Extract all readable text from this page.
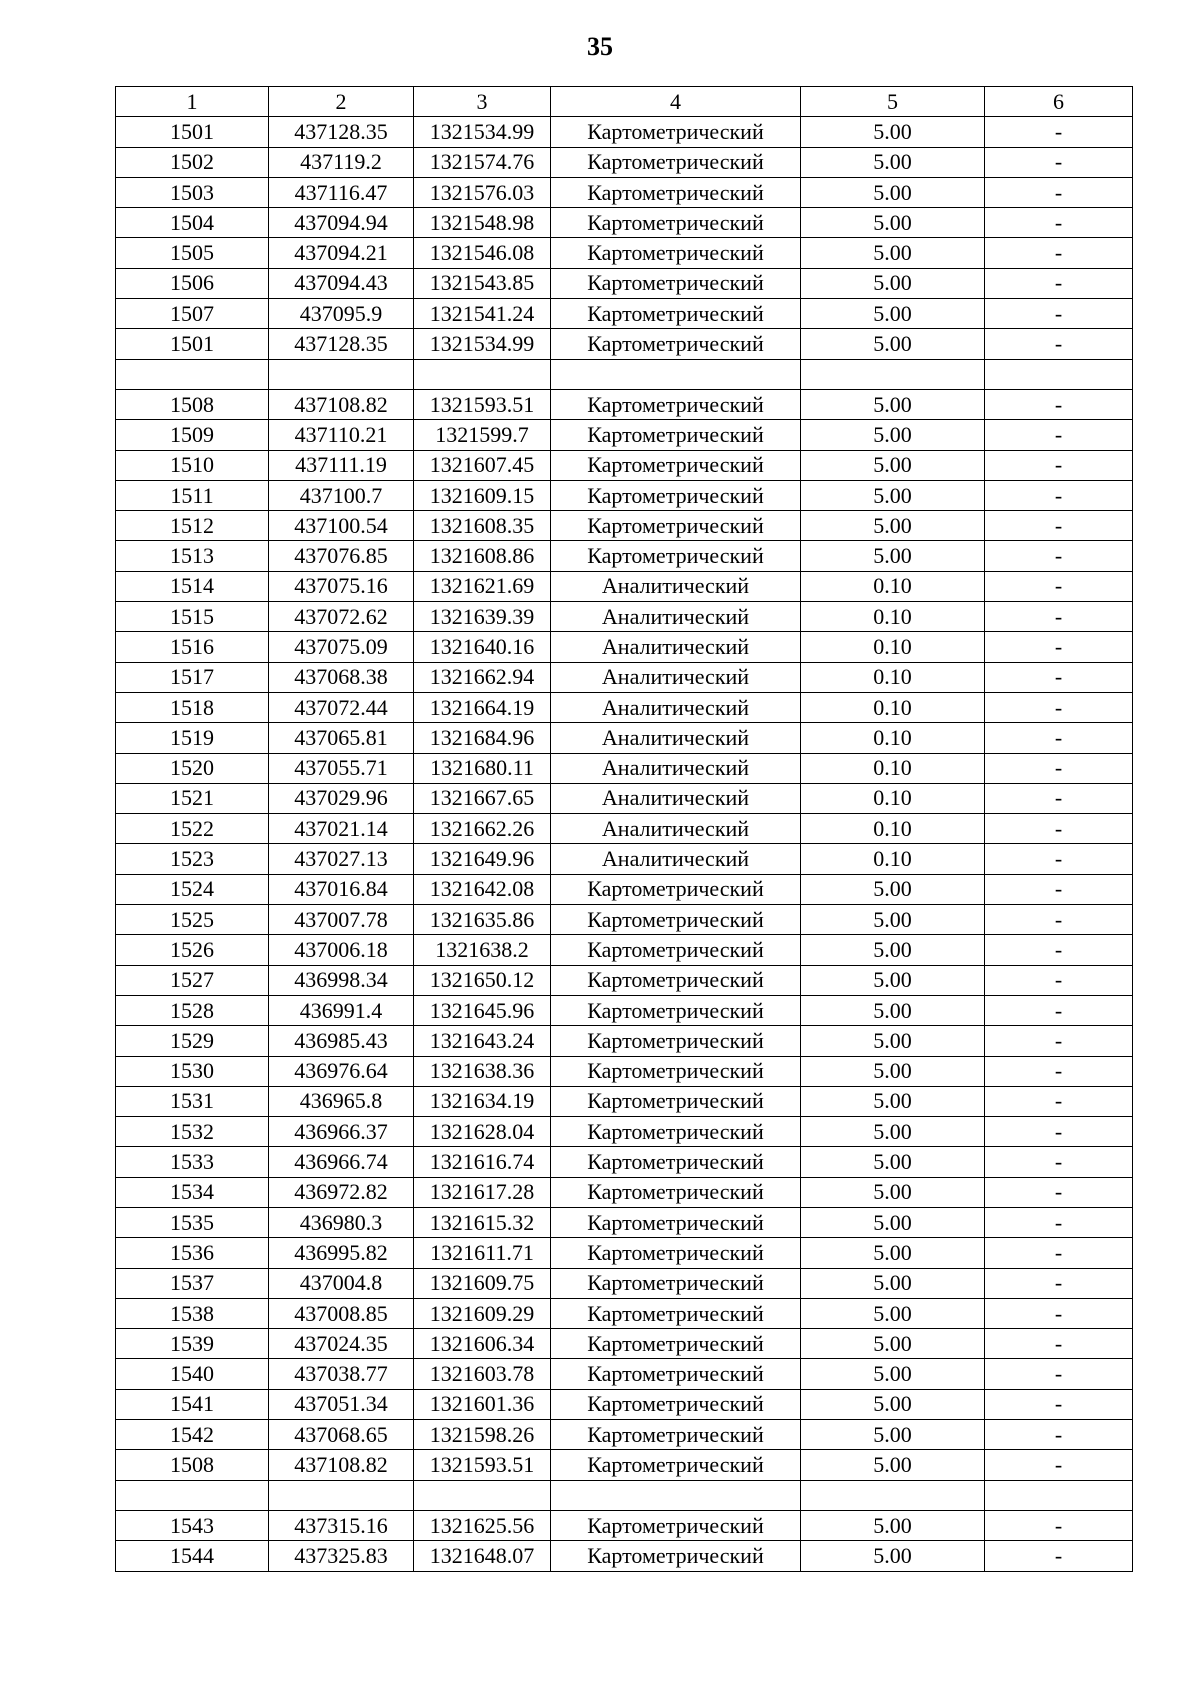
35
1	2	3	4	5	6
1501	437128.35	1321534.99	Картометрический	5.00	-
1502	437119.2	1321574.76	Картометрический	5.00	-
1503	437116.47	1321576.03	Картометрический	5.00	-
1504	437094.94	1321548.98	Картометрический	5.00	-
1505	437094.21	1321546.08	Картометрический	5.00	-
1506	437094.43	1321543.85	Картометрический	5.00	-
1507	437095.9	1321541.24	Картометрический	5.00	-
1501	437128.35	1321534.99	Картометрический	5.00	-

1508	437108.82	1321593.51	Картометрический	5.00	-
1509	437110.21	1321599.7	Картометрический	5.00	-
1510	437111.19	1321607.45	Картометрический	5.00	-
1511	437100.7	1321609.15	Картометрический	5.00	-
1512	437100.54	1321608.35	Картометрический	5.00	-
1513	437076.85	1321608.86	Картометрический	5.00	-
1514	437075.16	1321621.69	Аналитический	0.10	-
1515	437072.62	1321639.39	Аналитический	0.10	-
1516	437075.09	1321640.16	Аналитический	0.10	-
1517	437068.38	1321662.94	Аналитический	0.10	-
1518	437072.44	1321664.19	Аналитический	0.10	-
1519	437065.81	1321684.96	Аналитический	0.10	-
1520	437055.71	1321680.11	Аналитический	0.10	-
1521	437029.96	1321667.65	Аналитический	0.10	-
1522	437021.14	1321662.26	Аналитический	0.10	-
1523	437027.13	1321649.96	Аналитический	0.10	-
1524	437016.84	1321642.08	Картометрический	5.00	-
1525	437007.78	1321635.86	Картометрический	5.00	-
1526	437006.18	1321638.2	Картометрический	5.00	-
1527	436998.34	1321650.12	Картометрический	5.00	-
1528	436991.4	1321645.96	Картометрический	5.00	-
1529	436985.43	1321643.24	Картометрический	5.00	-
1530	436976.64	1321638.36	Картометрический	5.00	-
1531	436965.8	1321634.19	Картометрический	5.00	-
1532	436966.37	1321628.04	Картометрический	5.00	-
1533	436966.74	1321616.74	Картометрический	5.00	-
1534	436972.82	1321617.28	Картометрический	5.00	-
1535	436980.3	1321615.32	Картометрический	5.00	-
1536	436995.82	1321611.71	Картометрический	5.00	-
1537	437004.8	1321609.75	Картометрический	5.00	-
1538	437008.85	1321609.29	Картометрический	5.00	-
1539	437024.35	1321606.34	Картометрический	5.00	-
1540	437038.77	1321603.78	Картометрический	5.00	-
1541	437051.34	1321601.36	Картометрический	5.00	-
1542	437068.65	1321598.26	Картометрический	5.00	-
1508	437108.82	1321593.51	Картометрический	5.00	-

1543	437315.16	1321625.56	Картометрический	5.00	-
1544	437325.83	1321648.07	Картометрический	5.00	-
